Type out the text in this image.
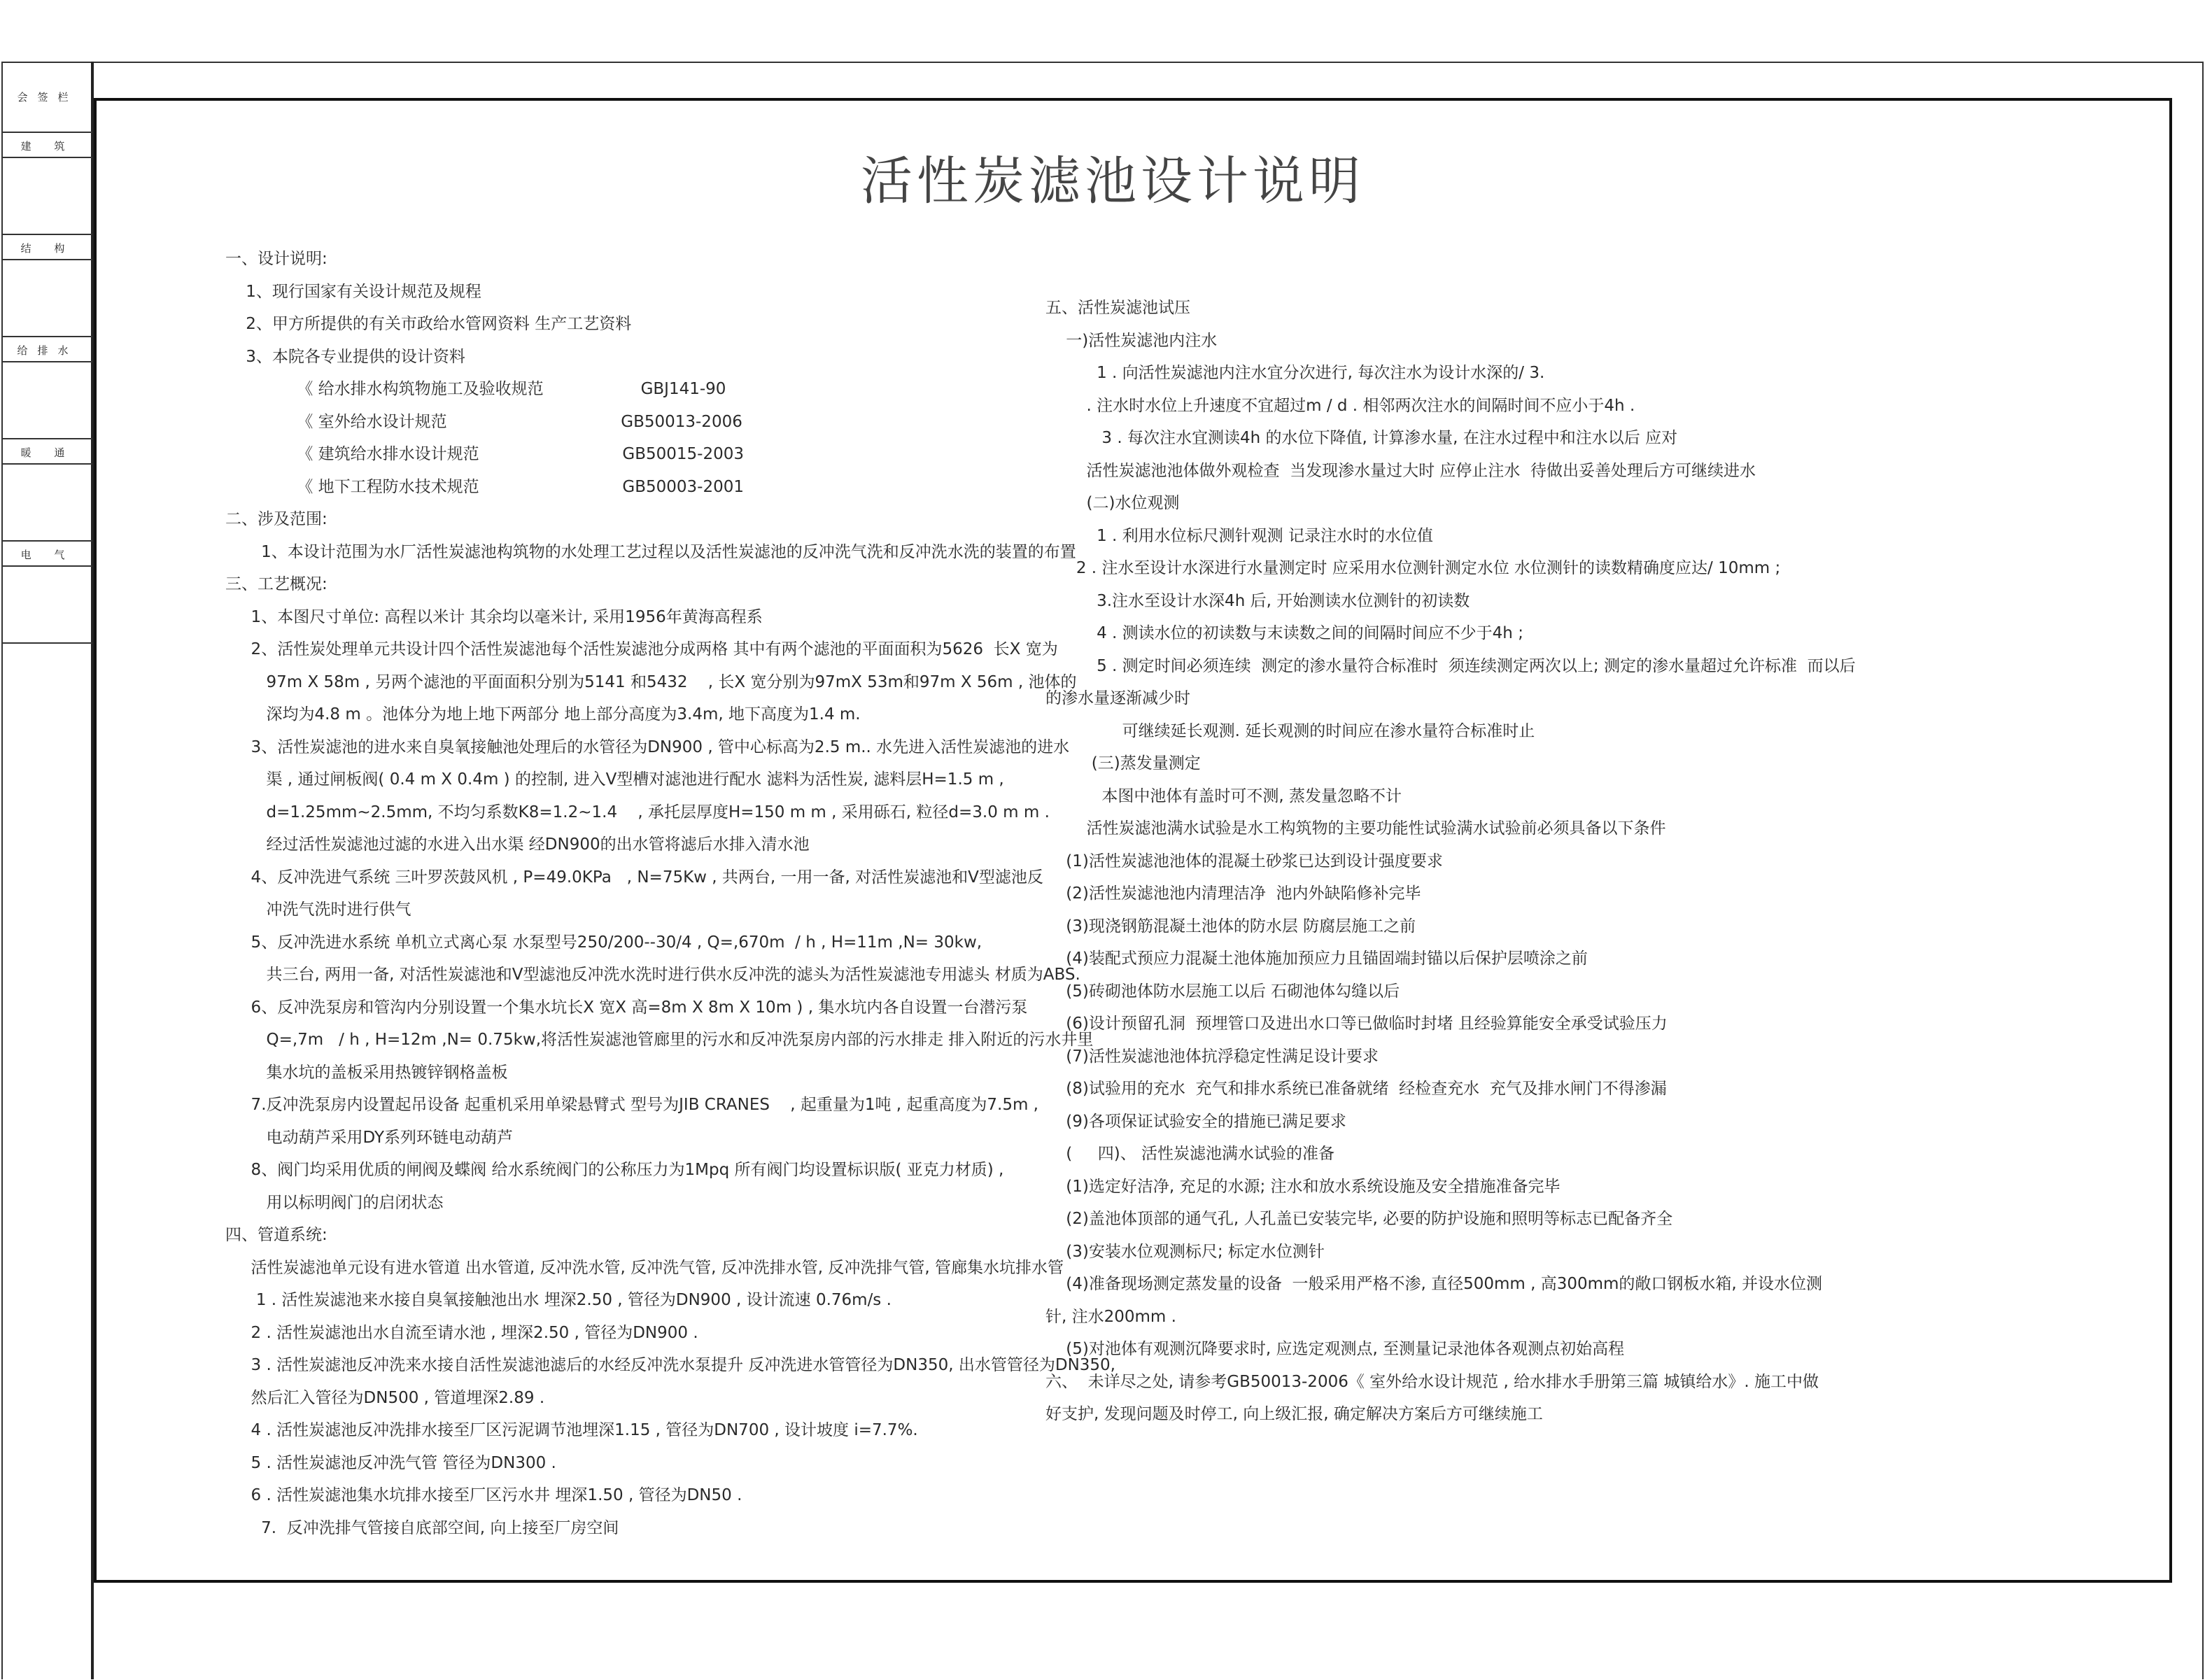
会签栏
建 筑
结 构
给排水
暖 通
电 气
活性炭滤池设计说明
一、设计说明:
1、现行国家有关设计规范及规程
2、甲方所提供的有关市政给水管网资料 生产工艺资料
3、本院各专业提供的设计资料
《 给水排水构筑物施工及验收规范                   GBJ141-90
《 室外给水设计规范                                  GB50013-2006
《 建筑给水排水设计规范                            GB50015-2003
《 地下工程防水技术规范                            GB50003-2001
二、涉及范围:
1、本设计范围为水厂活性炭滤池构筑物的水处理工艺过程以及活性炭滤池的反冲洗气洗和反冲洗水洗的装置的布置
三、工艺概况:
1、本图尺寸单位: 高程以米计 其余均以毫米计, 采用1956年黄海高程系
2、活性炭处理单元共设计四个活性炭滤池每个活性炭滤池分成两格 其中有两个滤池的平面面积为5626  长X 宽为
97m X 58m , 另两个滤池的平面面积分别为5141 和5432    , 长X 宽分别为97mX 53m和97m X 56m , 池体的
深均为4.8 m 。池体分为地上地下两部分 地上部分高度为3.4m, 地下高度为1.4 m.
3、活性炭滤池的进水来自臭氧接触池处理后的水管径为DN900 , 管中心标高为2.5 m.. 水先进入活性炭滤池的进水
渠 , 通过闸板阀( 0.4 m X 0.4m ) 的控制, 进入V型槽对滤池进行配水 滤料为活性炭, 滤料层H=1.5 m ,
d=1.25mm~2.5mm, 不均匀系数K8=1.2~1.4    , 承托层厚度H=150 m m , 采用砾石, 粒径d=3.0 m m .
经过活性炭滤池过滤的水进入出水渠 经DN900的出水管将滤后水排入清水池
4、反冲洗进气系统 三叶罗茨鼓风机 , P=49.0KPa   , N=75Kw , 共两台, 一用一备, 对活性炭滤池和V型滤池反
冲洗气洗时进行供气
5、反冲洗进水系统 单机立式离心泵 水泵型号250/200--30/4 , Q=,670m  / h , H=11m ,N= 30kw,
共三台, 两用一备, 对活性炭滤池和V型滤池反冲洗水洗时进行供水反冲洗的滤头为活性炭滤池专用滤头 材质为ABS.
6、反冲洗泵房和管沟内分别设置一个集水坑长X 宽X 高=8m X 8m X 10m ) , 集水坑内各自设置一台潜污泵
Q=,7m   / h , H=12m ,N= 0.75kw,将活性炭滤池管廊里的污水和反冲洗泵房内部的污水排走 排入附近的污水井里
集水坑的盖板采用热镀锌钢格盖板
7.反冲洗泵房内设置起吊设备 起重机采用单梁悬臂式 型号为JIB CRANES    , 起重量为1吨 , 起重高度为7.5m ,
电动葫芦采用DY系列环链电动葫芦
8、阀门均采用优质的闸阀及蝶阀 给水系统阀门的公称压力为1Mpq 所有阀门均设置标识版( 亚克力材质) ,
用以标明阀门的启闭状态
四、管道系统:
活性炭滤池单元设有进水管道 出水管道, 反冲洗水管, 反冲洗气管, 反冲洗排水管, 反冲洗排气管, 管廊集水坑排水管
1 . 活性炭滤池来水接自臭氧接触池出水 埋深2.50 , 管径为DN900 , 设计流速 0.76m/s .
2 . 活性炭滤池出水自流至请水池 , 埋深2.50 , 管径为DN900 .
3 . 活性炭滤池反冲洗来水接自活性炭滤池滤后的水经反冲洗水泵提升 反冲洗进水管管径为DN350, 出水管管径为DN350,
然后汇入管径为DN500 , 管道埋深2.89 .
4 . 活性炭滤池反冲洗排水接至厂区污泥调节池埋深1.15 , 管径为DN700 , 设计坡度 i=7.7%.
5 . 活性炭滤池反冲洗气管 管径为DN300 .
6 . 活性炭滤池集水坑排水接至厂区污水井 埋深1.50 , 管径为DN50 .
7.  反冲洗排气管接自底部空间, 向上接至厂房空间
五、活性炭滤池试压
一)活性炭滤池内注水
1 . 向活性炭滤池内注水宜分次进行, 每次注水为设计水深的/ 3.
. 注水时水位上升速度不宜超过m / d . 相邻两次注水的间隔时间不应小于4h .
3 . 每次注水宜测读4h 的水位下降值, 计算渗水量, 在注水过程中和注水以后 应对
活性炭滤池池体做外观检查  当发现渗水量过大时 应停止注水  待做出妥善处理后方可继续进水
(二)水位观测
1 . 利用水位标尺测针观测 记录注水时的水位值
2 . 注水至设计水深进行水量测定时 应采用水位测针测定水位 水位测针的读数精确度应达/ 10mm ;
3.注水至设计水深4h 后, 开始测读水位测针的初读数
4 . 测读水位的初读数与末读数之间的间隔时间应不少于4h ;
5 . 测定时间必须连续  测定的渗水量符合标准时  须连续测定两次以上; 测定的渗水量超过允许标准  而以后
的渗水量逐渐减少时
可继续延长观测. 延长观测的时间应在渗水量符合标准时止
(三)蒸发量测定
本图中池体有盖时可不测, 蒸发量忽略不计
活性炭滤池满水试验是水工构筑物的主要功能性试验满水试验前必须具备以下条件
(1)活性炭滤池池体的混凝土砂浆已达到设计强度要求
(2)活性炭滤池池内清理洁净  池内外缺陷修补完毕
(3)现浇钢筋混凝土池体的防水层 防腐层施工之前
(4)装配式预应力混凝土池体施加预应力且锚固端封锚以后保护层喷涂之前
(5)砖砌池体防水层施工以后 石砌池体勾缝以后
(6)设计预留孔洞  预埋管口及进出水口等已做临时封堵 且经验算能安全承受试验压力
(7)活性炭滤池池体抗浮稳定性满足设计要求
(8)试验用的充水  充气和排水系统已准备就绪  经检查充水  充气及排水闸门不得渗漏
(9)各项保证试验安全的措施已满足要求
(     四)、 活性炭滤池满水试验的准备
(1)选定好洁净, 充足的水源; 注水和放水系统设施及安全措施准备完毕
(2)盖池体顶部的通气孔, 人孔盖已安装完毕, 必要的防护设施和照明等标志已配备齐全
(3)安装水位观测标尺; 标定水位测针
(4)准备现场测定蒸发量的设备  一般采用严格不渗, 直径500mm , 高300mm的敞口钢板水箱, 并设水位测
针, 注水200mm .
(5)对池体有观测沉降要求时, 应选定观测点, 至测量记录池体各观测点初始高程
六、  未详尽之处, 请参考GB50013-2006《 室外给水设计规范 , 给水排水手册第三篇 城镇给水》. 施工中做
好支护, 发现问题及时停工, 向上级汇报, 确定解决方案后方可继续施工
